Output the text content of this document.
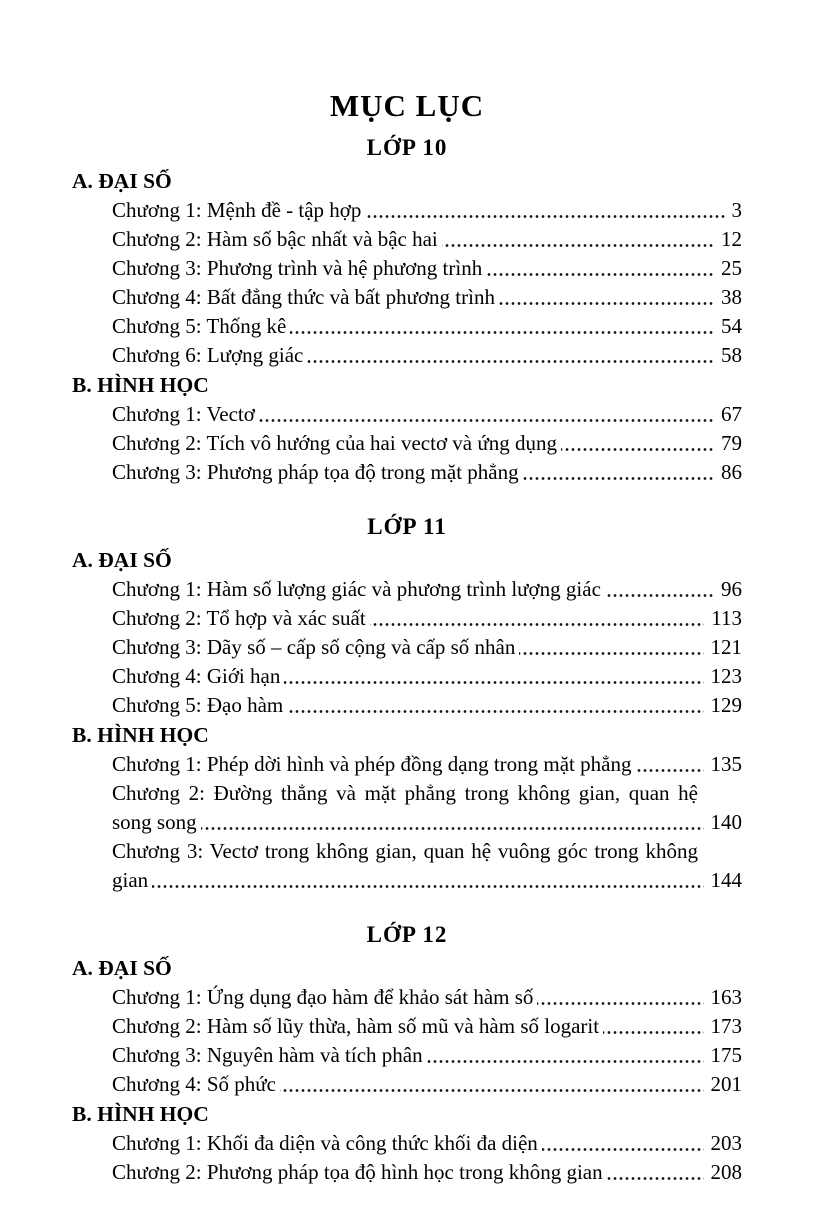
MỤC LỤC
LỚP 10
A. ĐẠI SỐ
Chương 1: Mệnh đề - tập hợp	3
Chương 2: Hàm số bậc nhất và bậc hai	12
Chương 3: Phương trình và hệ phương trình	25
Chương 4: Bất đẳng thức và bất phương trình	38
Chương 5: Thống kê	54
Chương 6: Lượng giác	58
B. HÌNH HỌC
Chương 1: Vectơ	67
Chương 2: Tích vô hướng của hai vectơ và ứng dụng	79
Chương 3: Phương pháp tọa độ trong mặt phẳng	86
LỚP 11
A. ĐẠI SỐ
Chương 1: Hàm số lượng giác và phương trình lượng giác	96
Chương 2: Tổ hợp và xác suất	113
Chương 3: Dãy số – cấp số cộng và cấp số nhân	121
Chương 4: Giới hạn	123
Chương 5: Đạo hàm	129
B. HÌNH HỌC
Chương 1: Phép dời hình và phép đồng dạng trong mặt phẳng	135
Chương 2: Đường thẳng và mặt phẳng trong không gian, quan hệ song song	140
Chương 3: Vectơ trong không gian, quan hệ vuông góc trong không gian	144
LỚP 12
A. ĐẠI SỐ
Chương 1: Ứng dụng đạo hàm để khảo sát hàm số	163
Chương 2: Hàm số lũy thừa, hàm số mũ và hàm số logarit	173
Chương 3: Nguyên hàm và tích phân	175
Chương 4: Số phức	201
B. HÌNH HỌC
Chương 1: Khối đa diện và công thức khối đa diện	203
Chương 2: Phương pháp tọa độ hình học trong không gian	208
